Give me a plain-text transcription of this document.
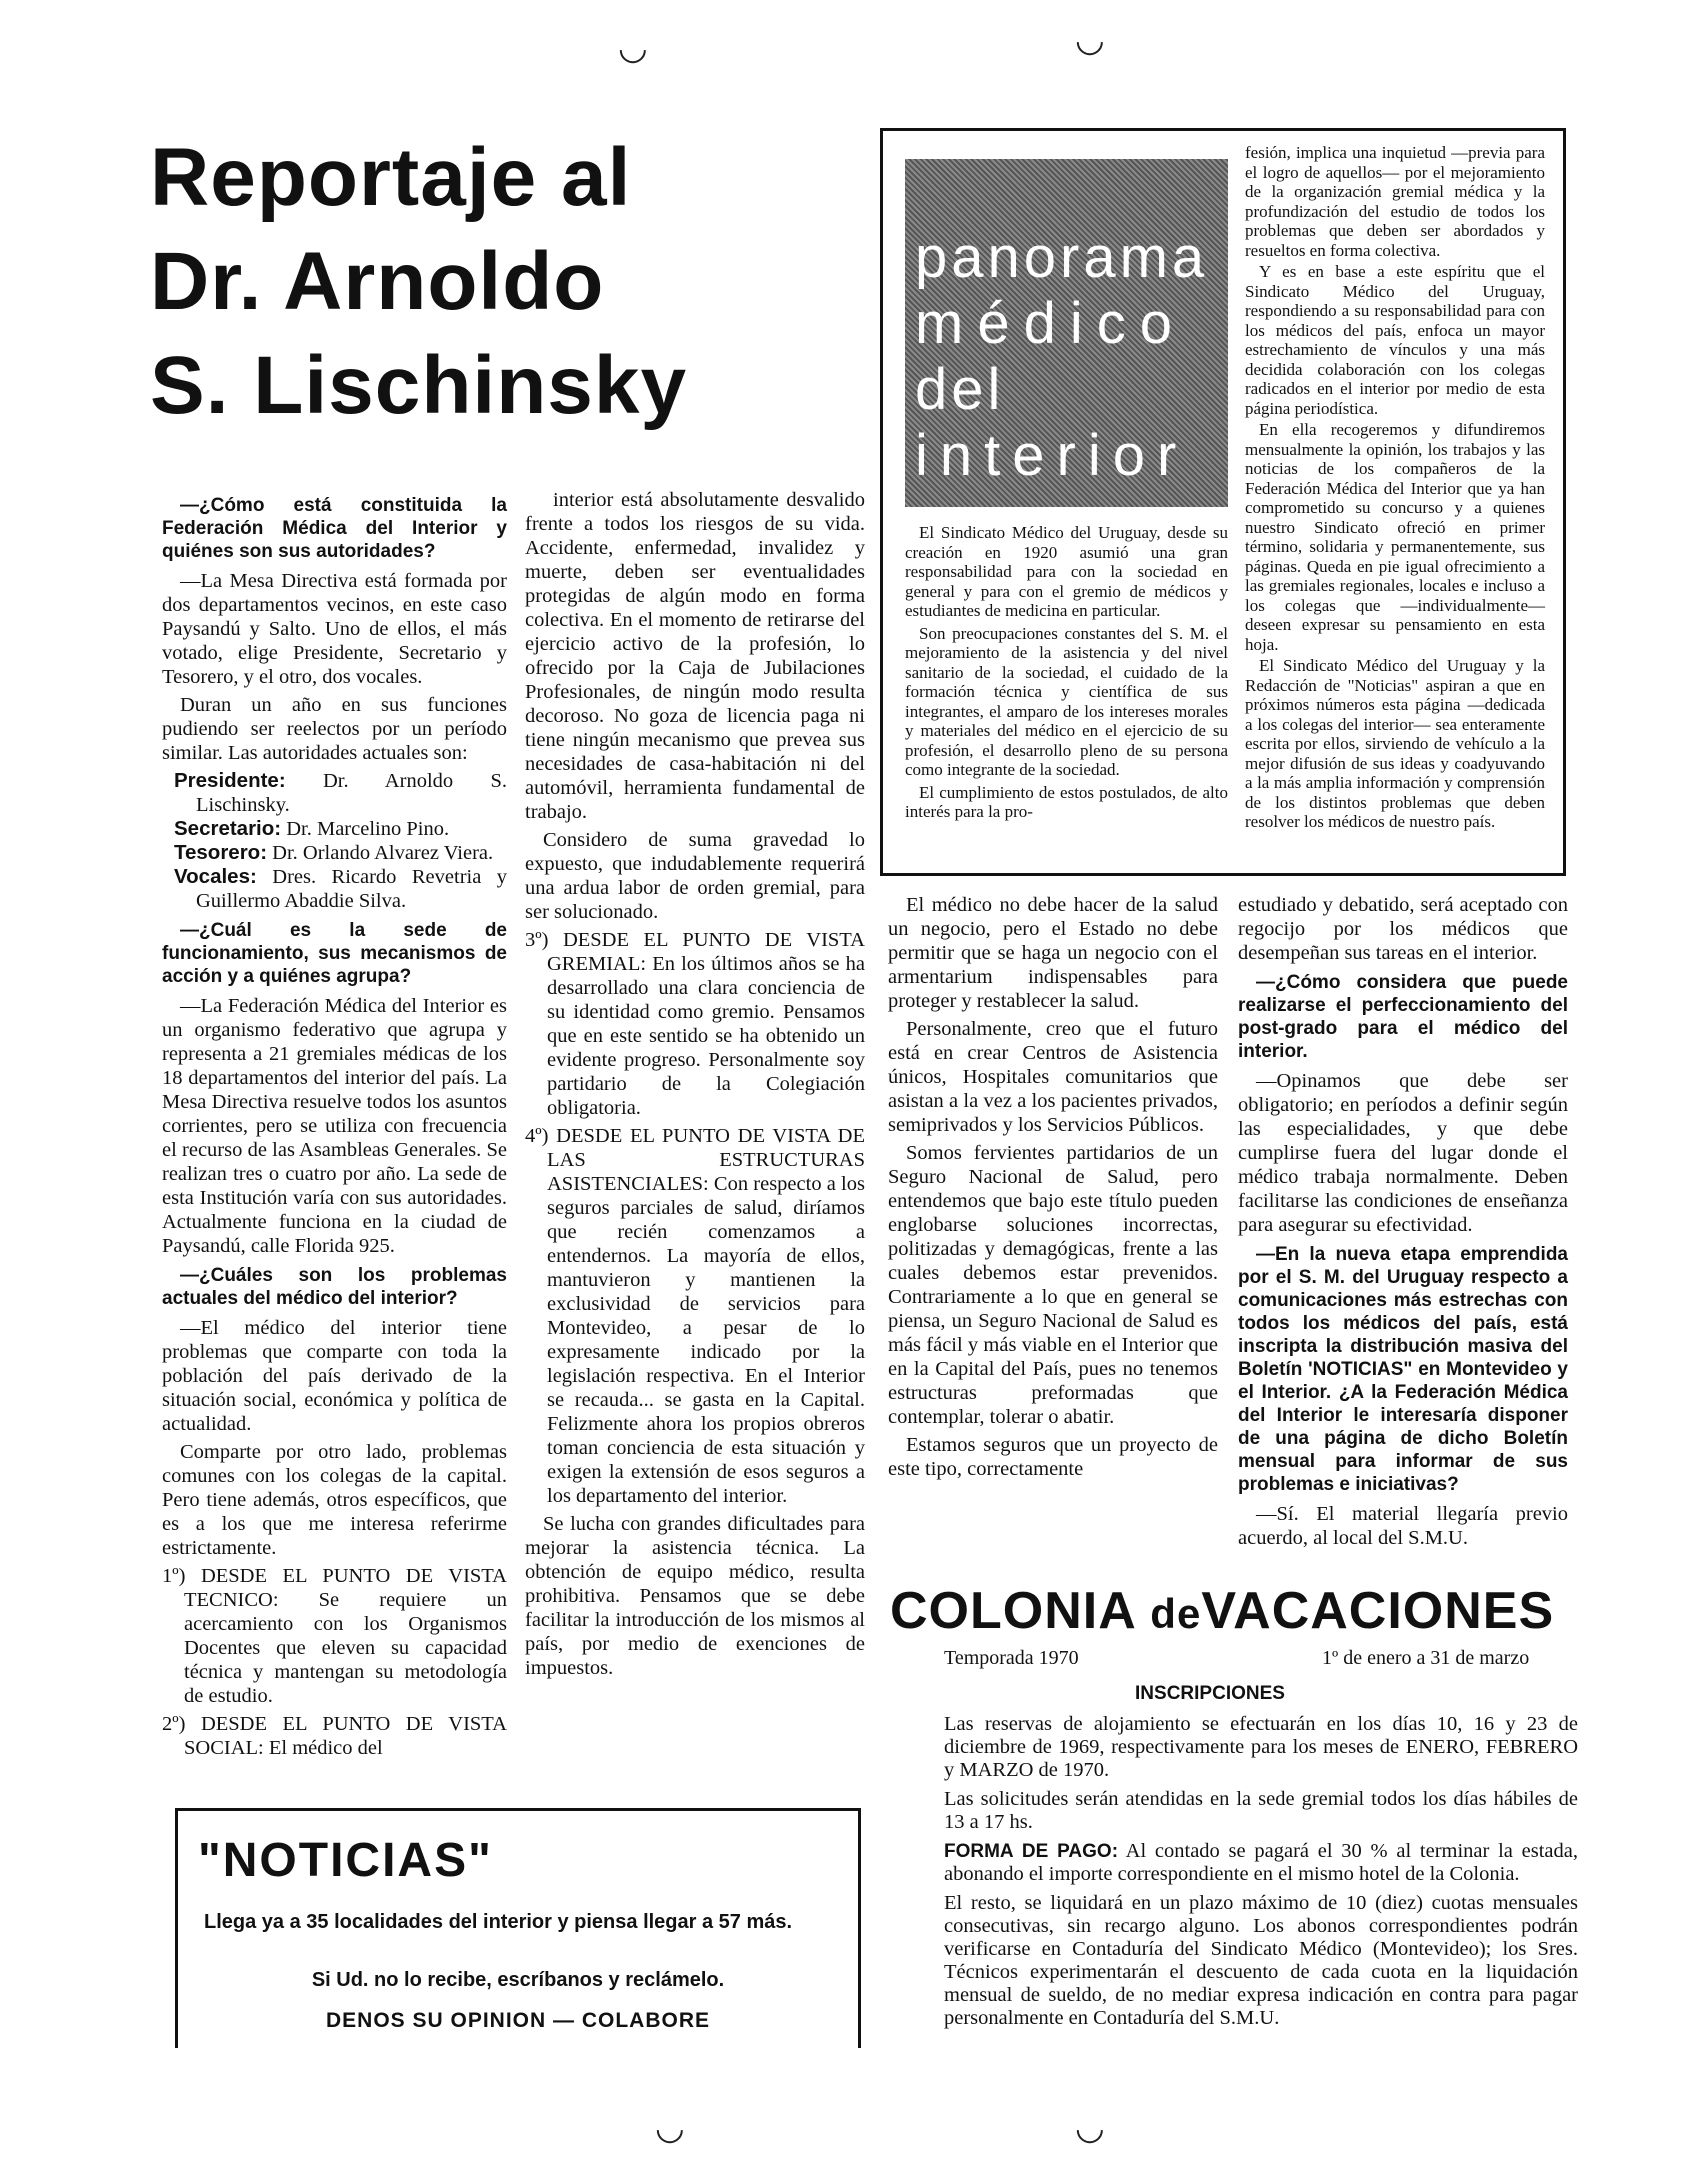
◡	◡
◡	◡
Reportaje al
Dr. Arnoldo
S. Lischinsky
—¿Cómo está constituida la Federación Médica del Interior y quiénes son sus autoridades?

—La Mesa Directiva está formada por dos departamentos vecinos, en este caso Paysandú y Salto. Uno de ellos, el más votado, elige Presidente, Secretario y Tesorero, y el otro, dos vocales.

Duran un año en sus funciones pudiendo ser reelectos por un período similar. Las autoridades actuales son:

Presidente: Dr. Arnoldo S. Lischinsky.
Secretario: Dr. Marcelino Pino.
Tesorero: Dr. Orlando Alvarez Viera.
Vocales: Dres. Ricardo Revetria y Guillermo Abaddie Silva.
—¿Cuál es la sede de funcionamiento, sus mecanismos de acción y a quiénes agrupa?

—La Federación Médica del Interior es un organismo federativo que agrupa y representa a 21 gremiales médicas de los 18 departamentos del interior del país. La Mesa Directiva resuelve todos los asuntos corrientes, pero se utiliza con frecuencia el recurso de las Asambleas Generales. Se realizan tres o cuatro por año. La sede de esta Institución varía con sus autoridades. Actualmente funciona en la ciudad de Paysandú, calle Florida 925.

—¿Cuáles son los problemas actuales del médico del interior?

—El médico del interior tiene problemas que comparte con toda la población del país derivado de la situación social, económica y política de actualidad.

Comparte por otro lado, problemas comunes con los colegas de la capital. Pero tiene además, otros específicos, que es a los que me interesa referirme estrictamente.

1º) DESDE EL PUNTO DE VISTA TECNICO: Se requiere un acercamiento con los Organismos Docentes que eleven su capacidad técnica y mantengan su metodología de estudio.
2º) DESDE EL PUNTO DE VISTA SOCIAL: El médico del

interior está absolutamente desvalido frente a todos los riesgos de su vida. Accidente, enfermedad, invalidez y muerte, deben ser eventualidades protegidas de algún modo en forma colectiva. En el momento de retirarse del ejercicio activo de la profesión, lo ofrecido por la Caja de Jubilaciones Profesionales, de ningún modo resulta decoroso. No goza de licencia paga ni tiene ningún mecanismo que prevea sus necesidades de casa-habitación ni del automóvil, herramienta fundamental de trabajo.

Considero de suma gravedad lo expuesto, que indudablemente requerirá una ardua labor de orden gremial, para ser solucionado.

3º) DESDE EL PUNTO DE VISTA GREMIAL: En los últimos años se ha desarrollado una clara conciencia de su identidad como gremio. Pensamos que en este sentido se ha obtenido un evidente progreso. Personalmente soy partidario de la Colegiación obligatoria.
4º) DESDE EL PUNTO DE VISTA DE LAS ESTRUCTURAS ASISTENCIALES: Con respecto a los seguros parciales de salud, diríamos que recién comenzamos a entendernos. La mayoría de ellos, mantuvieron y mantienen la exclusividad de servicios para Montevideo, a pesar de lo expresamente indicado por la legislación respectiva. En el Interior se recauda... se gasta en la Capital. Felizmente ahora los propios obreros toman conciencia de esta situación y exigen la extensión de esos seguros a los departamento del interior.

Se lucha con grandes dificultades para mejorar la asistencia técnica. La obtención de equipo médico, resulta prohibitiva. Pensamos que se debe facilitar la introducción de los mismos al país, por medio de exenciones de impuestos.

panorama
médico
del
interior

El Sindicato Médico del Uruguay, desde su creación en 1920 asumió una gran responsabilidad para con la sociedad en general y para con el gremio de médicos y estudiantes de medicina en particular.

Son preocupaciones constantes del S. M. el mejoramiento de la asistencia y del nivel sanitario de la sociedad, el cuidado de la formación técnica y científica de sus integrantes, el amparo de los intereses morales y materiales del médico en el ejercicio de su profesión, el desarrollo pleno de su persona como integrante de la sociedad.

El cumplimiento de estos postulados, de alto interés para la pro-

fesión, implica una inquietud —previa para el logro de aquellos— por el mejoramiento de la organización gremial médica y la profundización del estudio de todos los problemas que deben ser abordados y resueltos en forma colectiva.

Y es en base a este espíritu que el Sindicato Médico del Uruguay, respondiendo a su responsabilidad para con los médicos del país, enfoca un mayor estrechamiento de vínculos y una más decidida colaboración con los colegas radicados en el interior por medio de esta página periodística.

En ella recogeremos y difundiremos mensualmente la opinión, los trabajos y las noticias de los compañeros de la Federación Médica del Interior que ya han comprometido su concurso y a quienes nuestro Sindicato ofreció en primer término, solidaria y permanentemente, sus páginas. Queda en pie igual ofrecimiento a las gremiales regionales, locales e incluso a los colegas que —individualmente— deseen expresar su pensamiento en esta hoja.

El Sindicato Médico del Uruguay y la Redacción de "Noticias" aspiran a que en próximos números esta página —dedicada a los colegas del interior— sea enteramente escrita por ellos, sirviendo de vehículo a la mejor difusión de sus ideas y coadyuvando a la más amplia información y comprensión de los distintos problemas que deben resolver los médicos de nuestro país.

El médico no debe hacer de la salud un negocio, pero el Estado no debe permitir que se haga un negocio con el armentarium indispensables para proteger y restablecer la salud.

Personalmente, creo que el futuro está en crear Centros de Asistencia únicos, Hospitales comunitarios que asistan a la vez a los pacientes privados, semiprivados y los Servicios Públicos.

Somos fervientes partidarios de un Seguro Nacional de Salud, pero entendemos que bajo este título pueden englobarse soluciones incorrectas, politizadas y demagógicas, frente a las cuales debemos estar prevenidos. Contrariamente a lo que en general se piensa, un Seguro Nacional de Salud es más fácil y más viable en el Interior que en la Capital del País, pues no tenemos estructuras preformadas que contemplar, tolerar o abatir.

Estamos seguros que un proyecto de este tipo, correctamente

estudiado y debatido, será aceptado con regocijo por los médicos que desempeñan sus tareas en el interior.

—¿Cómo considera que puede realizarse el perfeccionamiento del post-grado para el médico del interior.

—Opinamos que debe ser obligatorio; en períodos a definir según las especialidades, y que debe cumplirse fuera del lugar donde el médico trabaja normalmente. Deben facilitarse las condiciones de enseñanza para asegurar su efectividad.

—En la nueva etapa emprendida por el S. M. del Uruguay respecto a comunicaciones más estrechas con todos los médicos del país, está inscripta la distribución masiva del Boletín 'NOTICIAS" en Montevideo y el Interior. ¿A la Federación Médica del Interior le interesaría disponer de una página de dicho Boletín mensual para informar de sus problemas e iniciativas?

—Sí. El material llegaría previo acuerdo, al local del S.M.U.

"NOTICIAS"
Llega ya a 35 localidades del interior y piensa llegar a 57 más.
Si Ud. no lo recibe, escríbanos y reclámelo.
DENOS SU OPINION — COLABORE
COLONIA deVACACIONES
Temporada 1970	1º de enero a 31 de marzo
INSCRIPCIONES

Las reservas de alojamiento se efectuarán en los días 10, 16 y 23 de diciembre de 1969, respectivamente para los meses de ENERO, FEBRERO y MARZO de 1970.

Las solicitudes serán atendidas en la sede gremial todos los días hábiles de 13 a 17 hs.

FORMA DE PAGO: Al contado se pagará el 30 % al terminar la estada, abonando el importe correspondiente en el mismo hotel de la Colonia.

El resto, se liquidará en un plazo máximo de 10 (diez) cuotas mensuales consecutivas, sin recargo alguno. Los abonos correspondientes podrán verificarse en Contaduría del Sindicato Médico (Montevideo); los Sres. Técnicos experimentarán el descuento de cada cuota en la liquidación mensual de sueldo, de no mediar expresa indicación en contra para pagar personalmente en Contaduría del S.M.U.
